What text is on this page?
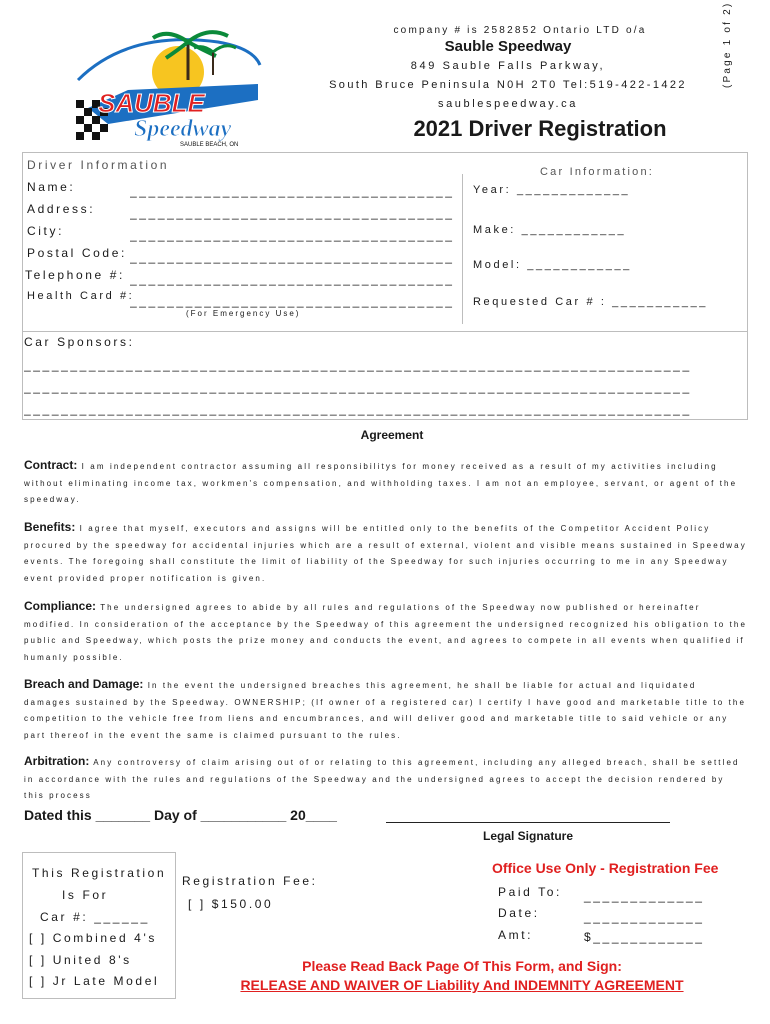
SAUBLE
Speedway
SAUBLE BEACH, ON
company # is 2582852 Ontario LTD o/a
Sauble Speedway
849 Sauble Falls Parkway,
South Bruce Peninsula N0H 2T0 Tel:519-422-1422
saublespeedway.ca
(Page 1 of 2)
2021 Driver Registration
Driver Information
Name:	___________________________________
Address:	___________________________________
City:	___________________________________
Postal Code: ___________________________________
Telephone #: ___________________________________
Health Card #:
___________________________________
(For Emergency Use)
Car Information:
Year: _____________
Make: ____________
Model: ____________
Requested Car # : ___________
Car Sponsors:
________________________________________________________________________
________________________________________________________________________
________________________________________________________________________
Agreement
Contract: I am independent contractor assuming all responsibilitys for money received as a result of my activities including without eliminating income tax, workmen's compensation, and withholding taxes. I am not an employee, servant, or agent of the speedway.
Benefits: I agree that myself, executors and assigns will be entitled only to the benefits of the Competitor Accident Policy procured by the speedway for accidental injuries which are a result of external, violent and visible means sustained in Speedway events. The foregoing shall constitute the limit of liability of the Speedway for such injuries occurring to me in any Speedway event provided proper notification is given.
Compliance: The undersigned agrees to abide by all rules and regulations of the Speedway now published or hereinafter modified. In consideration of the acceptance by the Speedway of this agreement the undersigned recognized his obligation to the public and Speedway, which posts the prize money and conducts the event, and agrees to compete in all events when qualified if humanly possible.
Breach and Damage: In the event the undersigned breaches this agreement, he shall be liable for actual and liquidated damages sustained by the Speedway. OWNERSHIP; (If owner of a registered car) I certify I have good and marketable title to the competition to the vehicle free from liens and encumbrances, and will deliver good and marketable title to said vehicle or any part thereof in the event the same is claimed pursuant to the rules.
Arbitration: Any controversy of claim arising out of or relating to this agreement, including any alleged breach, shall be settled in accordance with the rules and regulations of the Speedway and the undersigned agrees to accept the decision rendered by this process
Dated this _______ Day of ___________ 20____
Legal Signature
This Registration
Is For
Car #: ______
[ ] Combined 4's
[ ] United 8's
[ ] Jr Late Model
Registration Fee:
[ ] $150.00
Office Use Only - Registration Fee
Paid To: _____________
Date:	_____________
Amt:	$____________
Please Read Back Page Of This Form, and Sign:
RELEASE AND WAIVER OF Liability And INDEMNITY AGREEMENT
